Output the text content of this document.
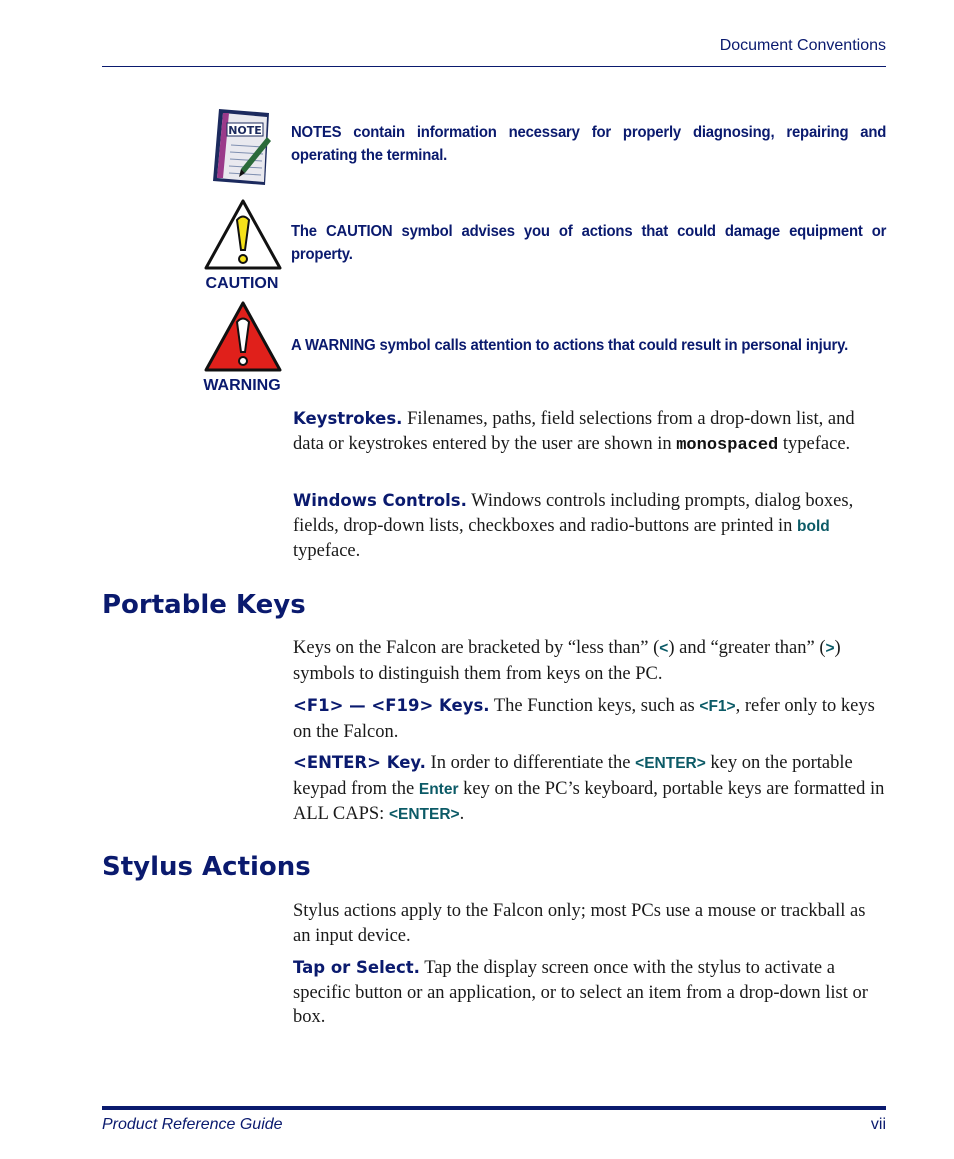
Document Conventions
NOTE NOTES contain information necessary for properly diagnosing, repairing and operating the terminal.
CAUTION
The CAUTION symbol advises you of actions that could damage equipment or property.
WARNING
A WARNING symbol calls attention to actions that could result in personal injury.
Keystrokes. Filenames, paths, field selections from a drop-down list, and data or keystrokes entered by the user are shown in monospaced typeface.
Windows Controls. Windows controls including prompts, dialog boxes, fields, drop-down lists, checkboxes and radio-buttons are printed in bold typeface.
Portable Keys
Keys on the Falcon are bracketed by “less than” (<) and “greater than” (>) symbols to distinguish them from keys on the PC.
<F1> — <F19> Keys. The Function keys, such as <F1>, refer only to keys on the Falcon.
<ENTER> Key. In order to differentiate the <ENTER> key on the portable keypad from the Enter key on the PC’s keyboard, portable keys are formatted in ALL CAPS: <ENTER>.
Stylus Actions
Stylus actions apply to the Falcon only; most PCs use a mouse or trackball as an input device.
Tap or Select. Tap the display screen once with the stylus to activate a specific button or an application, or to select an item from a drop-down list or box.
Product Reference Guide	vii
